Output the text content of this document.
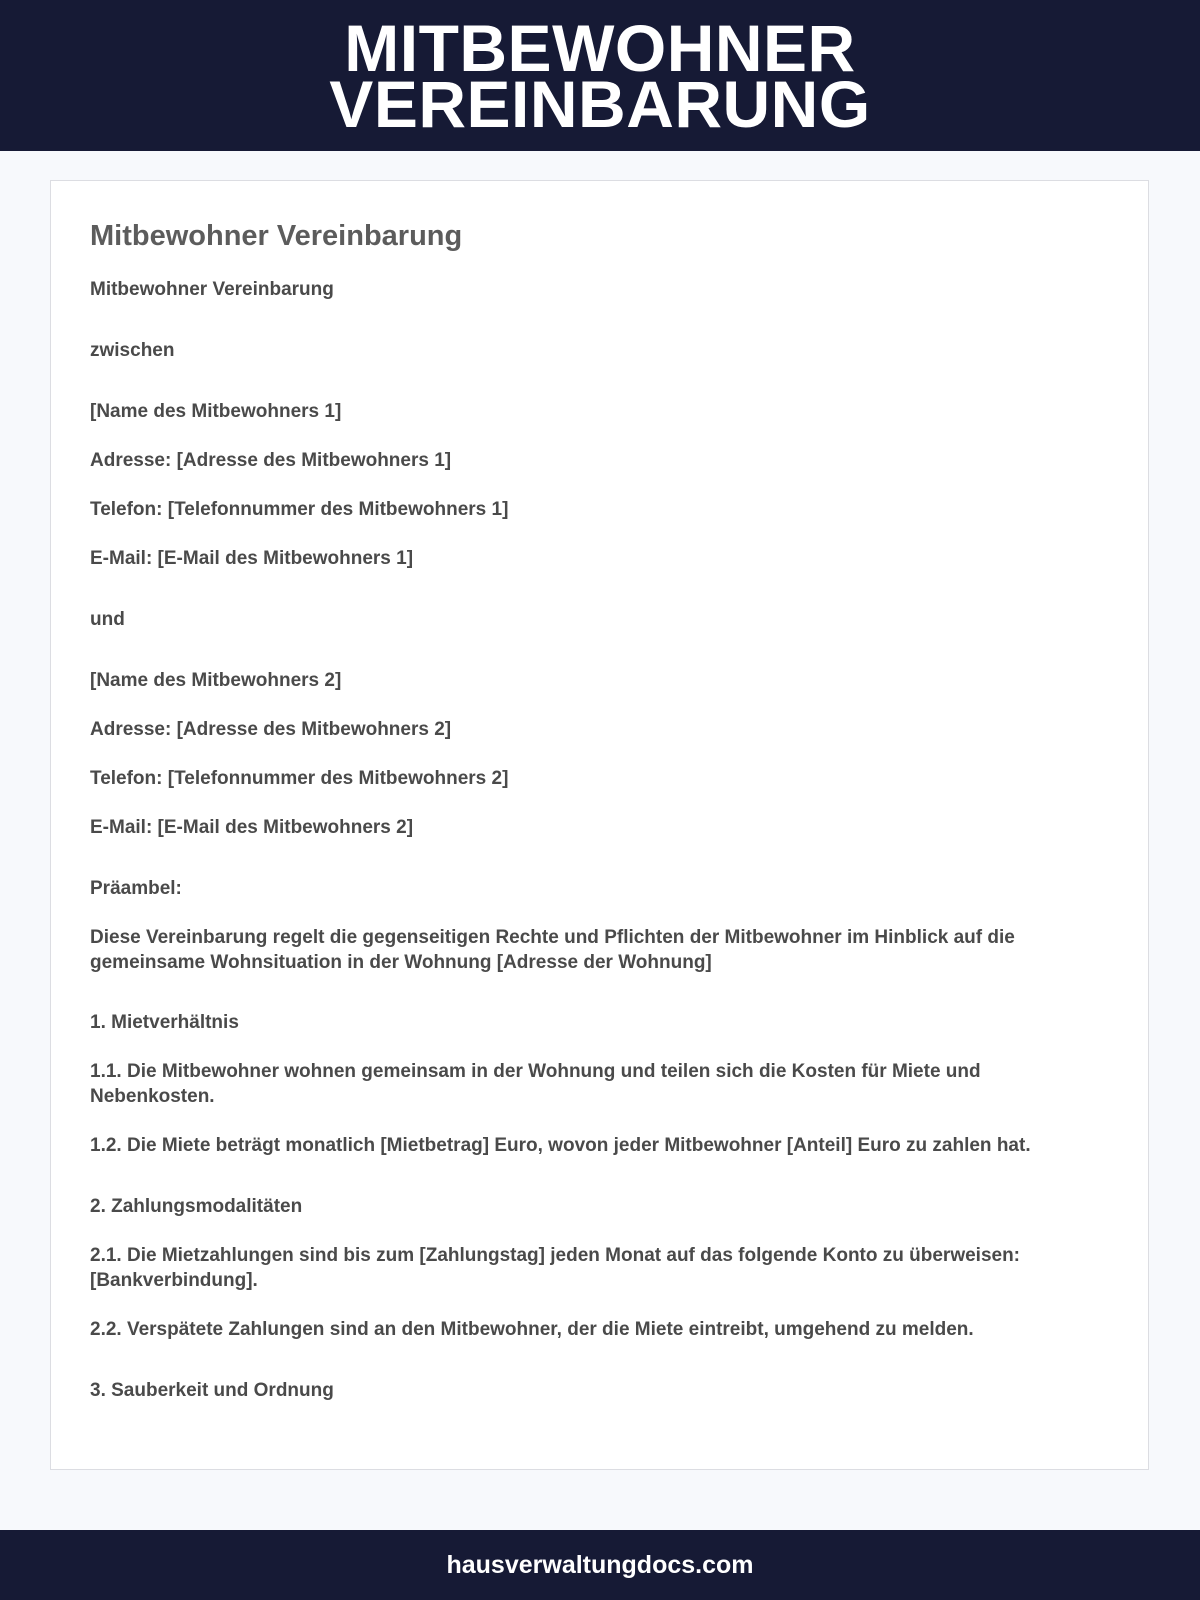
MITBEWOHNER
VEREINBARUNG
Mitbewohner Vereinbarung

Mitbewohner Vereinbarung

zwischen

[Name des Mitbewohners 1]

Adresse: [Adresse des Mitbewohners 1]

Telefon: [Telefonnummer des Mitbewohners 1]

E-Mail: [E-Mail des Mitbewohners 1]

und

[Name des Mitbewohners 2]

Adresse: [Adresse des Mitbewohners 2]

Telefon: [Telefonnummer des Mitbewohners 2]

E-Mail: [E-Mail des Mitbewohners 2]

Präambel:

Diese Vereinbarung regelt die gegenseitigen Rechte und Pflichten der Mitbewohner im Hinblick auf die gemeinsame Wohnsituation in der Wohnung [Adresse der Wohnung]

1. Mietverhältnis

1.1. Die Mitbewohner wohnen gemeinsam in der Wohnung und teilen sich die Kosten für Miete und Nebenkosten.

1.2. Die Miete beträgt monatlich [Mietbetrag] Euro, wovon jeder Mitbewohner [Anteil] Euro zu zahlen hat.

2. Zahlungsmodalitäten

2.1. Die Mietzahlungen sind bis zum [Zahlungstag] jeden Monat auf das folgende Konto zu überweisen: [Bankverbindung].

2.2. Verspätete Zahlungen sind an den Mitbewohner, der die Miete eintreibt, umgehend zu melden.

3. Sauberkeit und Ordnung

hausverwaltungdocs.com
